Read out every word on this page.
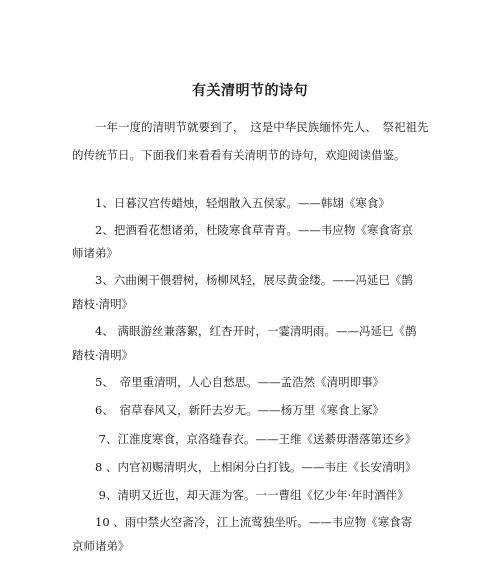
有关清明节的诗句
　　一年一度的清明节就要到了，　这是中华民族缅怀先人、　祭祀祖先
的传统节日。下面我们来看看有关清明节的诗句，欢迎阅读借鉴。
　　1、日暮汉宫传蜡烛，轻烟散入五侯家。——韩翃《寒食》
　　2、把酒看花想诸弟，杜陵寒食草青青。——韦应物《寒食寄京
师诸弟》
　　3、六曲阑干偎碧树，杨柳风轻，展尽黄金缕。——冯延巳《鹊
踏枝·清明》
　　4、 满眼游丝兼落絮，红杏开时，一霎清明雨。——冯延巳《鹊
踏枝·清明》
　　5、　帝里重清明，人心自愁思。——孟浩然《清明即事》
　　6、　宿草春风又，新阡去岁无。——杨万里《寒食上冢》
　　 7、江淮度寒食，京洛缝春衣。——王维《送綦毋潜落第还乡》
　　8 、内官初赐清明火，上相闲分白打钱。——韦庄《长安清明》
　　 9、清明又近也，却天涯为客。一一曹组《忆少年·年时酒伴》
　　10 、雨中禁火空斋冷，江上流莺独坐听。——韦应物《寒食寄
京师诸弟》
